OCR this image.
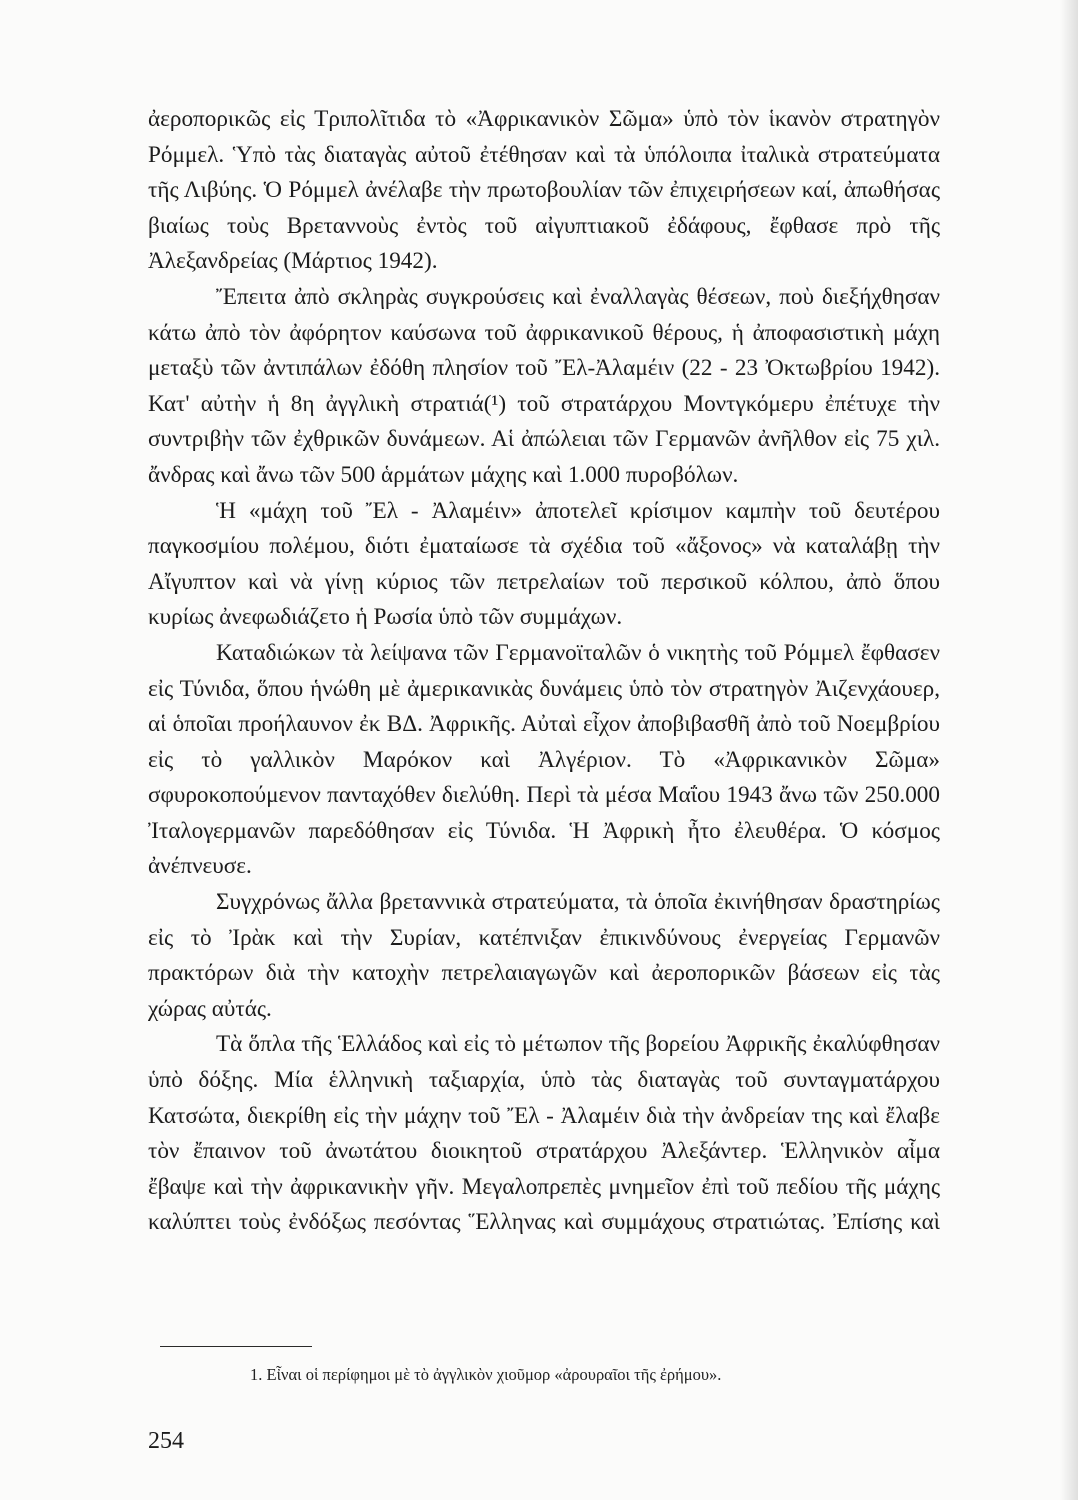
ἀεροπορικῶς εἰς Τριπολῖτιδα τὸ «Ἀφρικανικὸν Σῶμα» ὑπὸ τὸν ἱκανὸν στρατηγὸν Ρόμμελ. Ὑπὸ τὰς διαταγὰς αὐτοῦ ἐτέθησαν καὶ τὰ ὑπόλοιπα ἰταλικὰ στρατεύματα τῆς Λιβύης. Ὁ Ρόμμελ ἀνέλαβε τὴν πρωτοβουλίαν τῶν ἐπιχειρήσεων καί, ἀπωθήσας βιαίως τοὺς Βρεταννοὺς ἐντὸς τοῦ αἰγυπτιακοῦ ἐδάφους, ἔφθασε πρὸ τῆς Ἀλεξανδρείας (Μάρτιος 1942).

Ἔπειτα ἀπὸ σκληρὰς συγκρούσεις καὶ ἐναλλαγὰς θέσεων, ποὺ διεξήχθησαν κάτω ἀπὸ τὸν ἀφόρητον καύσωνα τοῦ ἀφρικανικοῦ θέρους, ἡ ἀποφασιστικὴ μάχη μεταξὺ τῶν ἀντιπάλων ἐδόθη πλησίον τοῦ Ἔλ-Ἀλαμέιν (22 - 23 Ὀκτωβρίου 1942). Κατ' αὐτὴν ἡ 8η ἀγγλικὴ στρατιά(¹) τοῦ στρατάρχου Μοντγκόμερυ ἐπέτυχε τὴν συντριβὴν τῶν ἐχθρικῶν δυνάμεων. Αἱ ἀπώλειαι τῶν Γερμανῶν ἀνῆλθον εἰς 75 χιλ. ἄνδρας καὶ ἄνω τῶν 500 ἁρμάτων μάχης καὶ 1.000 πυροβόλων.

Ἡ «μάχη τοῦ Ἔλ - Ἀλαμέιν» ἀποτελεῖ κρίσιμον καμπὴν τοῦ δευτέρου παγκοσμίου πολέμου, διότι ἐματαίωσε τὰ σχέδια τοῦ «ἄξονος» νὰ καταλάβῃ τὴν Αἴγυπτον καὶ νὰ γίνῃ κύριος τῶν πετρελαίων τοῦ περσικοῦ κόλπου, ἀπὸ ὅπου κυρίως ἀνεφωδιάζετο ἡ Ρωσία ὑπὸ τῶν συμμάχων.

Καταδιώκων τὰ λείψανα τῶν Γερμανοϊταλῶν ὁ νικητὴς τοῦ Ρόμμελ ἔφθασεν εἰς Τύνιδα, ὅπου ἡνώθη μὲ ἀμερικανικὰς δυνάμεις ὑπὸ τὸν στρατηγὸν Ἀιζενχάουερ, αἱ ὁποῖαι προήλαυνον ἐκ ΒΔ. Ἀφρικῆς. Αὐταὶ εἶχον ἀποβιβασθῆ ἀπὸ τοῦ Νοεμβρίου εἰς τὸ γαλλικὸν Μαρόκον καὶ Ἀλγέριον. Τὸ «Ἀφρικανικὸν Σῶμα» σφυροκοπούμενον πανταχόθεν διελύθη. Περὶ τὰ μέσα Μαΐου 1943 ἄνω τῶν 250.000 Ἰταλογερμανῶν παρεδόθησαν εἰς Τύνιδα. Ἡ Ἀφρικὴ ἦτο ἐλευθέρα. Ὁ κόσμος ἀνέπνευσε.

Συγχρόνως ἄλλα βρεταννικὰ στρατεύματα, τὰ ὁποῖα ἐκινήθησαν δραστηρίως εἰς τὸ Ἰρὰκ καὶ τὴν Συρίαν, κατέπνιξαν ἐπικινδύνους ἐνεργείας Γερμανῶν πρακτόρων διὰ τὴν κατοχὴν πετρελαιαγωγῶν καὶ ἀεροπορικῶν βάσεων εἰς τὰς χώρας αὐτάς.

Τὰ ὅπλα τῆς Ἑλλάδος καὶ εἰς τὸ μέτωπον τῆς βορείου Ἀφρικῆς ἐκαλύφθησαν ὑπὸ δόξης. Μία ἑλληνικὴ ταξιαρχία, ὑπὸ τὰς διαταγὰς τοῦ συνταγματάρχου Κατσώτα, διεκρίθη εἰς τὴν μάχην τοῦ Ἔλ - Ἀλαμέιν διὰ τὴν ἀνδρείαν της καὶ ἔλαβε τὸν ἔπαινον τοῦ ἀνωτάτου διοικητοῦ στρατάρχου Ἀλεξάντερ. Ἑλληνικὸν αἷμα ἔβαψε καὶ τὴν ἀφρικανικὴν γῆν. Μεγαλοπρεπὲς μνημεῖον ἐπὶ τοῦ πεδίου τῆς μάχης καλύπτει τοὺς ἐνδόξως πεσόντας Ἕλληνας καὶ συμμάχους στρατιώτας. Ἐπίσης καὶ

1. Εἶναι οἱ περίφημοι μὲ τὸ ἀγγλικὸν χιοῦμορ «ἀρουραῖοι τῆς ἐρήμου».
254
